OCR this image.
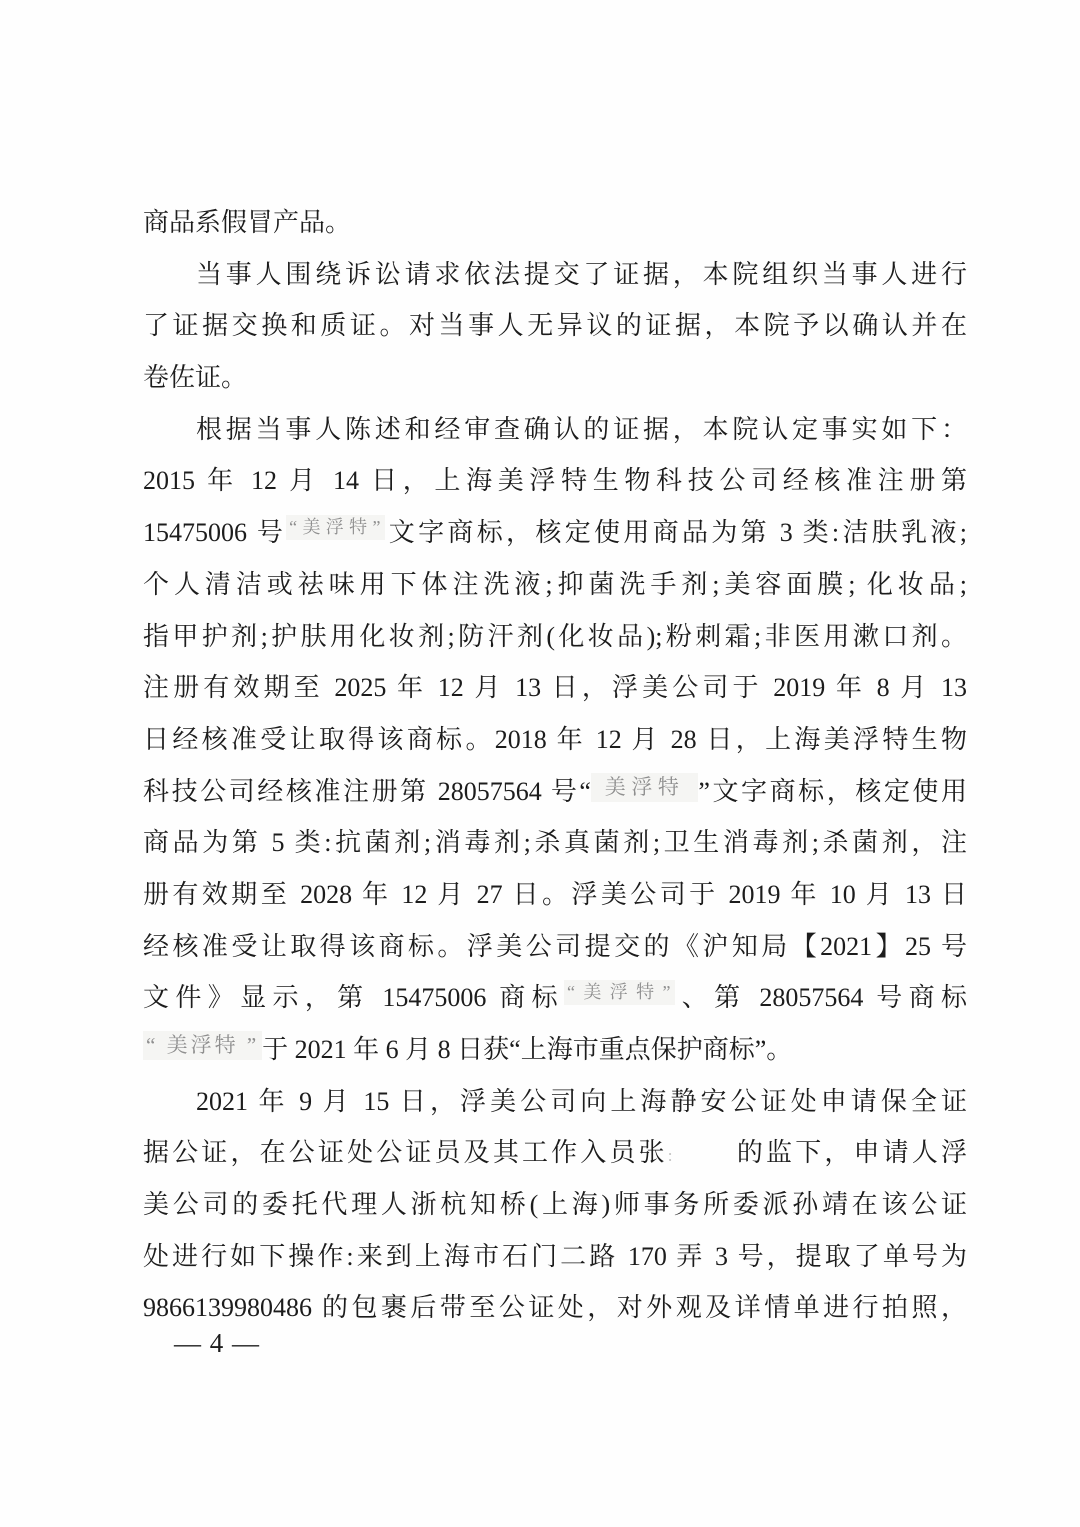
商品系假冒产品。
当事人围绕诉讼请求依法提交了证据，本院组织当事人进行
了证据交换和质证。对当事人无异议的证据，本院予以确认并在
卷佐证。
根据当事人陈述和经审查确认的证据，本院认定事实如下：
2015 年 12 月 14 日，上海美浮特生物科技公司经核准注册第
15475006 号 $^{“美浮特”}$ 文字商标，核定使用商品为第 3 类:洁肤乳液;
个人清洁或祛味用下体注洗液;抑菌洗手剂;美容面膜; 化妆品;
指甲护剂;护肤用化妆剂;防汗剂(化妆品);粉刺霜;非医用漱口剂。
注册有效期至 2025 年 12 月 13 日，浮美公司于 2019 年 8 月 13
日经核准受让取得该商标。2018 年 12 月 28 日，上海美浮特生物
科技公司经核准注册第 28057564 号“ $^{美浮特}$ ”文字商标，核定使用
商品为第 5 类:抗菌剂;消毒剂;杀真菌剂;卫生消毒剂;杀菌剂，注
册有效期至 2028 年 12 月 27 日。浮美公司于 2019 年 10 月 13 日
经核准受让取得该商标。浮美公司提交的《沪知局【2021】25 号
文件》显示，第 15475006 商标 $^{“美浮特”}$ 、第 28057564 号商标
$^{“ 美浮特 ”}$ 于 2021 年 6 月 8 日获“上海市重点保护商标”。
2021 年 9 月 15 日，浮美公司向上海静安公证处申请保全证
据公证，在公证处公证员及其工作入员张: 的监下，申请人浮
美公司的委托代理人浙杭知桥(上海)师事务所委派孙靖在该公证
处进行如下操作:来到上海市石门二路 170 弄 3 号，提取了单号为
9866139980486 的包裹后带至公证处，对外观及详情单进行拍照，
— 4 —
